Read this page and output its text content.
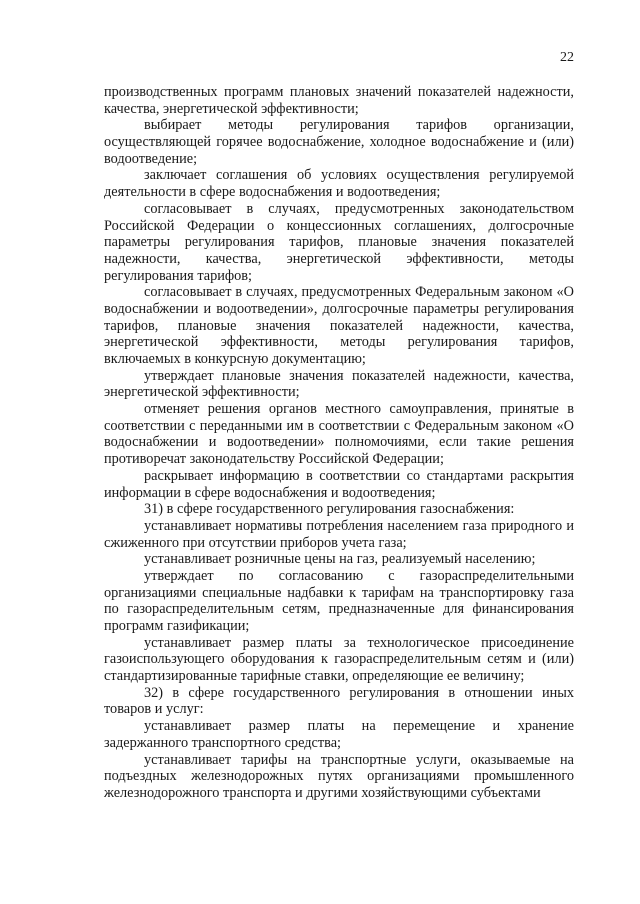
22

производственных программ плановых значений показателей надежности, качества, энергетической эффективности;

выбирает методы регулирования тарифов организации, осуществляющей горячее водоснабжение, холодное водоснабжение и (или) водоотведение;

заключает соглашения об условиях осуществления регулируемой деятельности в сфере водоснабжения и водоотведения;

согласовывает в случаях, предусмотренных законодательством Российской Федерации о концессионных соглашениях, долгосрочные параметры регулирования тарифов, плановые значения показателей надежности, качества, энергетической эффективности, методы регулирования тарифов;

согласовывает в случаях, предусмотренных Федеральным законом «О водоснабжении и водоотведении», долгосрочные параметры регулирования тарифов, плановые значения показателей надежности, качества, энергетической эффективности, методы регулирования тарифов, включаемых в конкурсную документацию;

утверждает плановые значения показателей надежности, качества, энергетической эффективности;

отменяет решения органов местного самоуправления, принятые в соответствии с переданными им в соответствии с Федеральным законом «О водоснабжении и водоотведении» полномочиями, если такие решения противоречат законодательству Российской Федерации;

раскрывает информацию в соответствии со стандартами раскрытия информации в сфере водоснабжения и водоотведения;

31) в сфере государственного регулирования газоснабжения:

устанавливает нормативы потребления населением газа природного и сжиженного при отсутствии приборов учета газа;

устанавливает розничные цены на газ, реализуемый населению;

утверждает по согласованию с газораспределительными организациями специальные надбавки к тарифам на транспортировку газа по газораспределительным сетям, предназначенные для финансирования программ газификации;

устанавливает размер платы за технологическое присоединение газоиспользующего оборудования к газораспределительным сетям и (или) стандартизированные тарифные ставки, определяющие ее величину;

32) в сфере государственного регулирования в отношении иных товаров и услуг:

устанавливает размер платы на перемещение и хранение задержанного транспортного средства;

устанавливает тарифы на транспортные услуги, оказываемые на подъездных железнодорожных путях организациями промышленного железнодорожного транспорта и другими хозяйствующими субъектами
